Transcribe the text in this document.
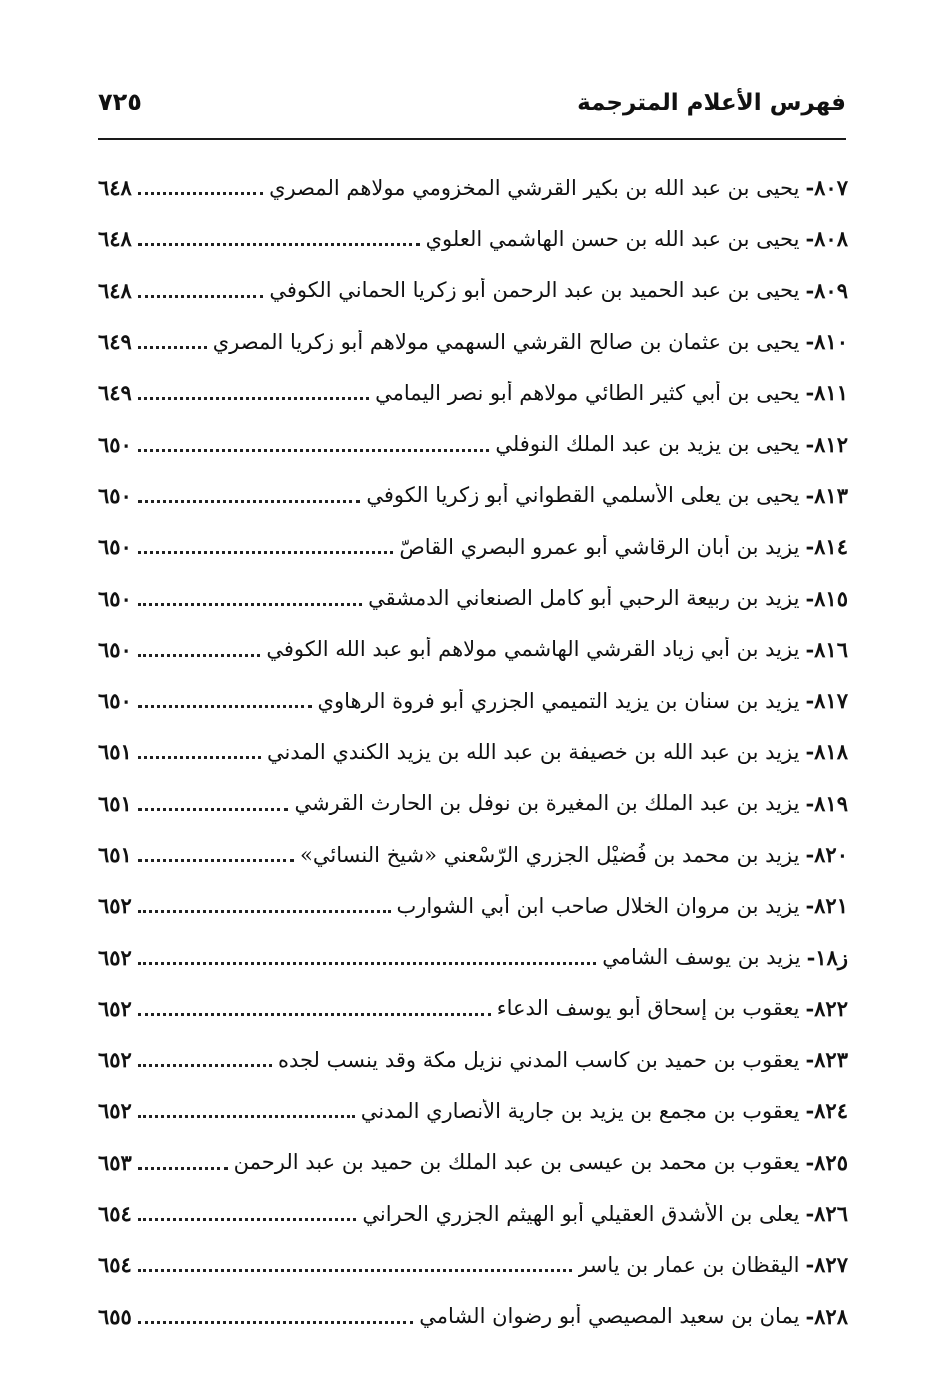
فهرس الأعلام المترجمة
٧٢٥
٨٠٧
-
يحيى بن عبد الله بن بكير القرشي المخزومي مولاهم المصري
٦٤٨
٨٠٨
-
يحيى بن عبد الله بن حسن الهاشمي العلوي
٦٤٨
٨٠٩
-
يحيى بن عبد الحميد بن عبد الرحمن أبو زكريا الحماني الكوفي
٦٤٨
٨١٠
-
يحيى بن عثمان بن صالح القرشي السهمي مولاهم أبو زكريا المصري
٦٤٩
٨١١
-
يحيى بن أبي كثير الطائي مولاهم أبو نصر اليمامي
٦٤٩
٨١٢
-
يحيى بن يزيد بن عبد الملك النوفلي
٦٥٠
٨١٣
-
يحيى بن يعلى الأسلمي القطواني أبو زكريا الكوفي
٦٥٠
٨١٤
-
يزيد بن أبان الرقاشي أبو عمرو البصري القاصّ
٦٥٠
٨١٥
-
يزيد بن ربيعة الرحبي أبو كامل الصنعاني الدمشقي
٦٥٠
٨١٦
-
يزيد بن أبي زياد القرشي الهاشمي مولاهم أبو عبد الله الكوفي
٦٥٠
٨١٧
-
يزيد بن سنان بن يزيد التميمي الجزري أبو فروة الرهاوي
٦٥٠
٨١٨
-
يزيد بن عبد الله بن خصيفة بن عبد الله بن يزيد الكندي المدني
٦٥١
٨١٩
-
يزيد بن عبد الملك بن المغيرة بن نوفل بن الحارث القرشي
٦٥١
٨٢٠
-
يزيد بن محمد بن فُضيْل الجزري الرّسْعني «شيخ النسائي»
٦٥١
٨٢١
-
يزيد بن مروان الخلال صاحب ابن أبي الشوارب
٦٥٢
ز١٨
-
يزيد بن يوسف الشامي
٦٥٢
٨٢٢
-
يعقوب بن إسحاق أبو يوسف الدعاء
٦٥٢
٨٢٣
-
يعقوب بن حميد بن كاسب المدني نزيل مكة وقد ينسب لجده
٦٥٢
٨٢٤
-
يعقوب بن مجمع بن يزيد بن جارية الأنصاري المدني
٦٥٢
٨٢٥
-
يعقوب بن محمد بن عيسى بن عبد الملك بن حميد بن عبد الرحمن
٦٥٣
٨٢٦
-
يعلى بن الأشدق العقيلي أبو الهيثم الجزري الحراني
٦٥٤
٨٢٧
-
اليقظان بن عمار بن ياسر
٦٥٤
٨٢٨
-
يمان بن سعيد المصيصي أبو رضوان الشامي
٦٥٥
